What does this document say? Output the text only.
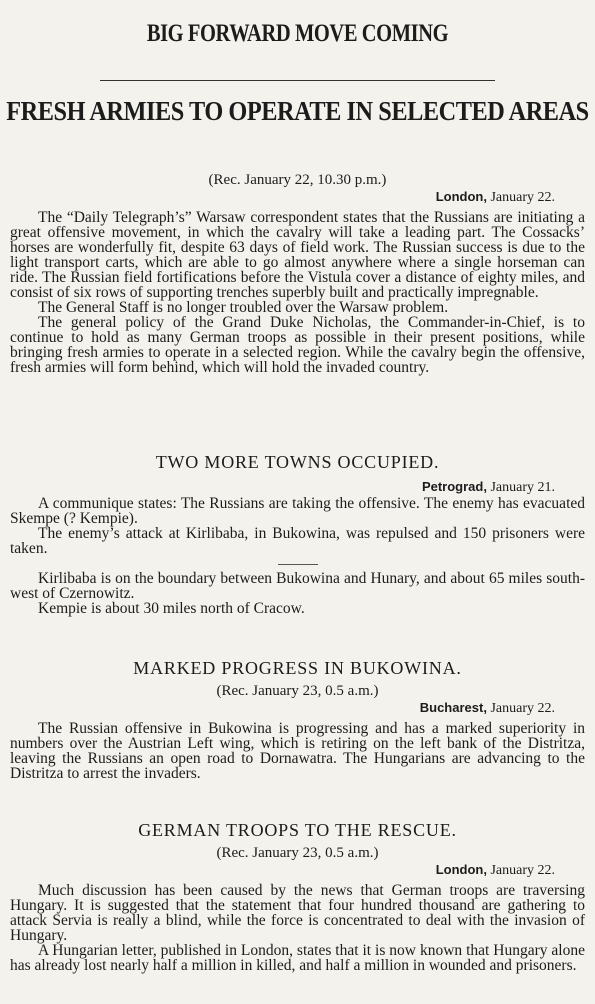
BIG FORWARD MOVE COMING
FRESH ARMIES TO OPERATE IN SELECTED AREAS

(Rec. January 22, 10.30 p.m.)

London, January 22.

The “Daily Telegraph’s” Warsaw correspondent states that the Russians are initiating a great offensive movement, in which the cavalry will take a leading part. The Cossacks’ horses are wonderfully fit, despite 63 days of field work. The Russian success is due to the light transport carts, which are able to go almost anywhere where a single horseman can ride. The Russian field fortifications before the Vistula cover a distance of eighty miles, and consist of six rows of supporting trenches superbly built and practically impregnable.

The General Staff is no longer troubled over the Warsaw problem.

The general policy of the Grand Duke Nicholas, the Commander-in-Chief, is to continue to hold as many German troops as possible in their present positions, while bringing fresh armies to operate in a selected region. While the cavalry begin the offensive, fresh armies will form behind, which will hold the invaded country.

TWO MORE TOWNS OCCUPIED.

Petrograd, January 21.

A communique states: The Russians are taking the offensive. The enemy has evacuated Skempe (? Kempie).

The enemy’s attack at Kirlibaba, in Bukowina, was repulsed and 150 prisoners were taken.

Kirlibaba is on the boundary between Bukowina and Hunary, and about 65 miles south-west of Czernowitz.

Kempie is about 30 miles north of Cracow.

MARKED PROGRESS IN BUKOWINA.

(Rec. January 23, 0.5 a.m.)

Bucharest, January 22.

The Russian offensive in Bukowina is progressing and has a marked superiority in numbers over the Austrian Left wing, which is retiring on the left bank of the Distritza, leaving the Russians an open road to Dornawatra. The Hungarians are advancing to the Distritza to arrest the invaders.

GERMAN TROOPS TO THE RESCUE.

(Rec. January 23, 0.5 a.m.)

London, January 22.

Much discussion has been caused by the news that German troops are traversing Hungary. It is suggested that the statement that four hundred thousand are gathering to attack Servia is really a blind, while the force is concentrated to deal with the invasion of Hungary.

A Hungarian letter, published in London, states that it is now known that Hungary alone has already lost nearly half a million in killed, and half a million in wounded and prisoners.
